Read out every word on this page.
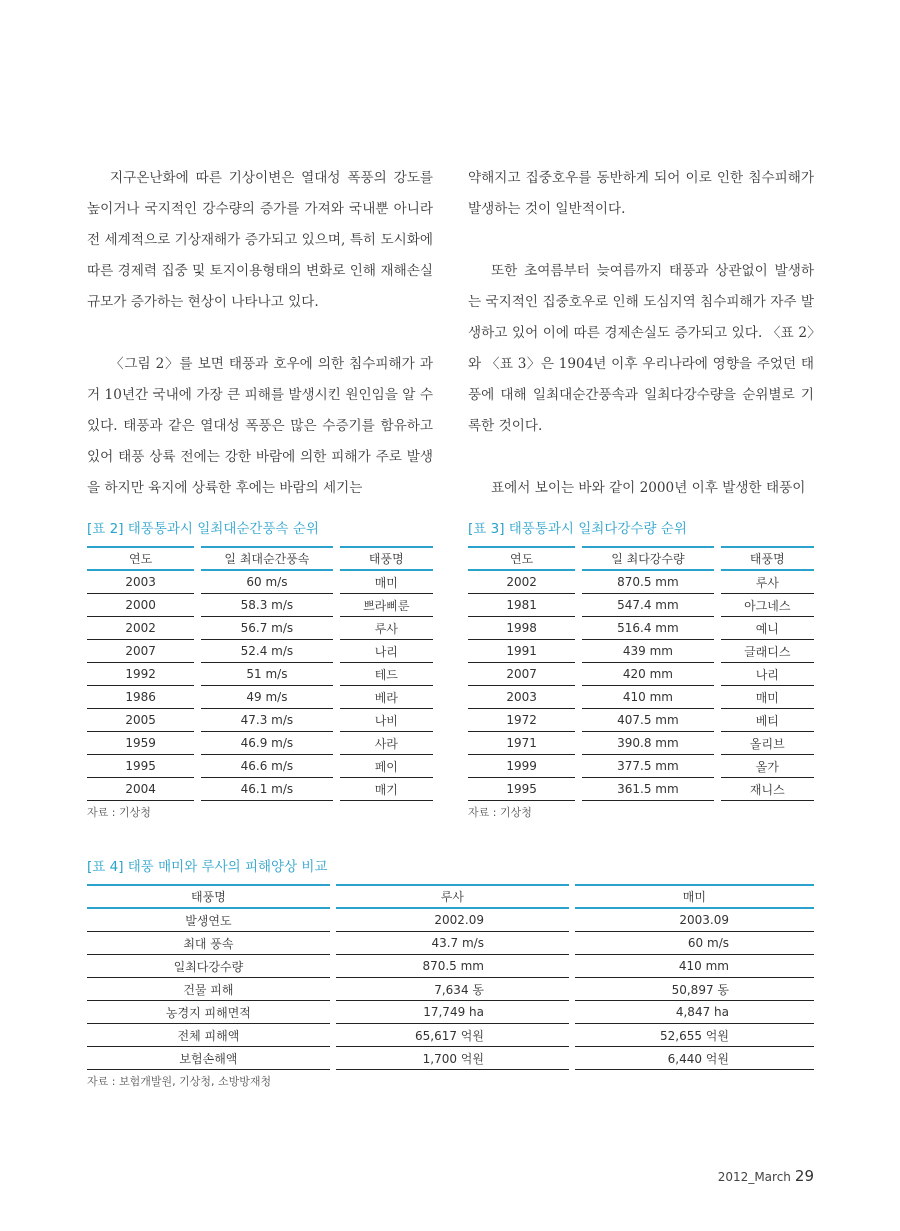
지구온난화에 따른 기상이변은 열대성 폭풍의 강도를 높이거나 국지적인 강수량의 증가를 가져와 국내뿐 아니라 전 세계적으로 기상재해가 증가되고 있으며, 특히 도시화에 따른 경제력 집중 및 토지이용형태의 변화로 인해 재해손실규모가 증가하는 현상이 나타나고 있다.

〈그림 2〉를 보면 태풍과 호우에 의한 침수피해가 과거 10년간 국내에 가장 큰 피해를 발생시킨 원인임을 알 수 있다. 태풍과 같은 열대성 폭풍은 많은 수증기를 함유하고 있어 태풍 상륙 전에는 강한 바람에 의한 피해가 주로 발생을 하지만 육지에 상륙한 후에는 바람의 세기는

약해지고 집중호우를 동반하게 되어 이로 인한 침수피해가 발생하는 것이 일반적이다.

또한 초여름부터 늦여름까지 태풍과 상관없이 발생하는 국지적인 집중호우로 인해 도심지역 침수피해가 자주 발생하고 있어 이에 따른 경제손실도 증가되고 있다. 〈표 2〉와 〈표 3〉은 1904년 이후 우리나라에 영향을 주었던 태풍에 대해 일최대순간풍속과 일최다강수량을 순위별로 기록한 것이다.

표에서 보이는 바와 같이 2000년 이후 발생한 태풍이

[표 2] 태풍통과시 일최대순간풍속 순위
연도		일 최대순간풍속		태풍명
2003		60 m/s		매미
2000		58.3 m/s		쁘라삐룬
2002		56.7 m/s		루사
2007		52.4 m/s		나리
1992		51 m/s		테드
1986		49 m/s		베라
2005		47.3 m/s		나비
1959		46.9 m/s		사라
1995		46.6 m/s		페이
2004		46.1 m/s		매기
자료 : 기상청
[표 3] 태풍통과시 일최다강수량 순위
연도		일 최다강수량		태풍명
2002		870.5 mm		루사
1981		547.4 mm		아그네스
1998		516.4 mm		예니
1991		439 mm		글래디스
2007		420 mm		나리
2003		410 mm		매미
1972		407.5 mm		베티
1971		390.8 mm		올리브
1999		377.5 mm		올가
1995		361.5 mm		재니스
자료 : 기상청
[표 4] 태풍 매미와 루사의 피해양상 비교
태풍명		루사		매미
발생연도		2002.09		2003.09
최대 풍속		43.7 m/s		60 m/s
일최다강수량		870.5 mm		410 mm
건물 피해		7,634 동		50,897 동
농경지 피해면적		17,749 ha		4,847 ha
전체 피해액		65,617 억원		52,655 억원
보험손해액		1,700 억원		6,440 억원
자료 : 보험개발원, 기상청, 소방방재청
2012_March 29
